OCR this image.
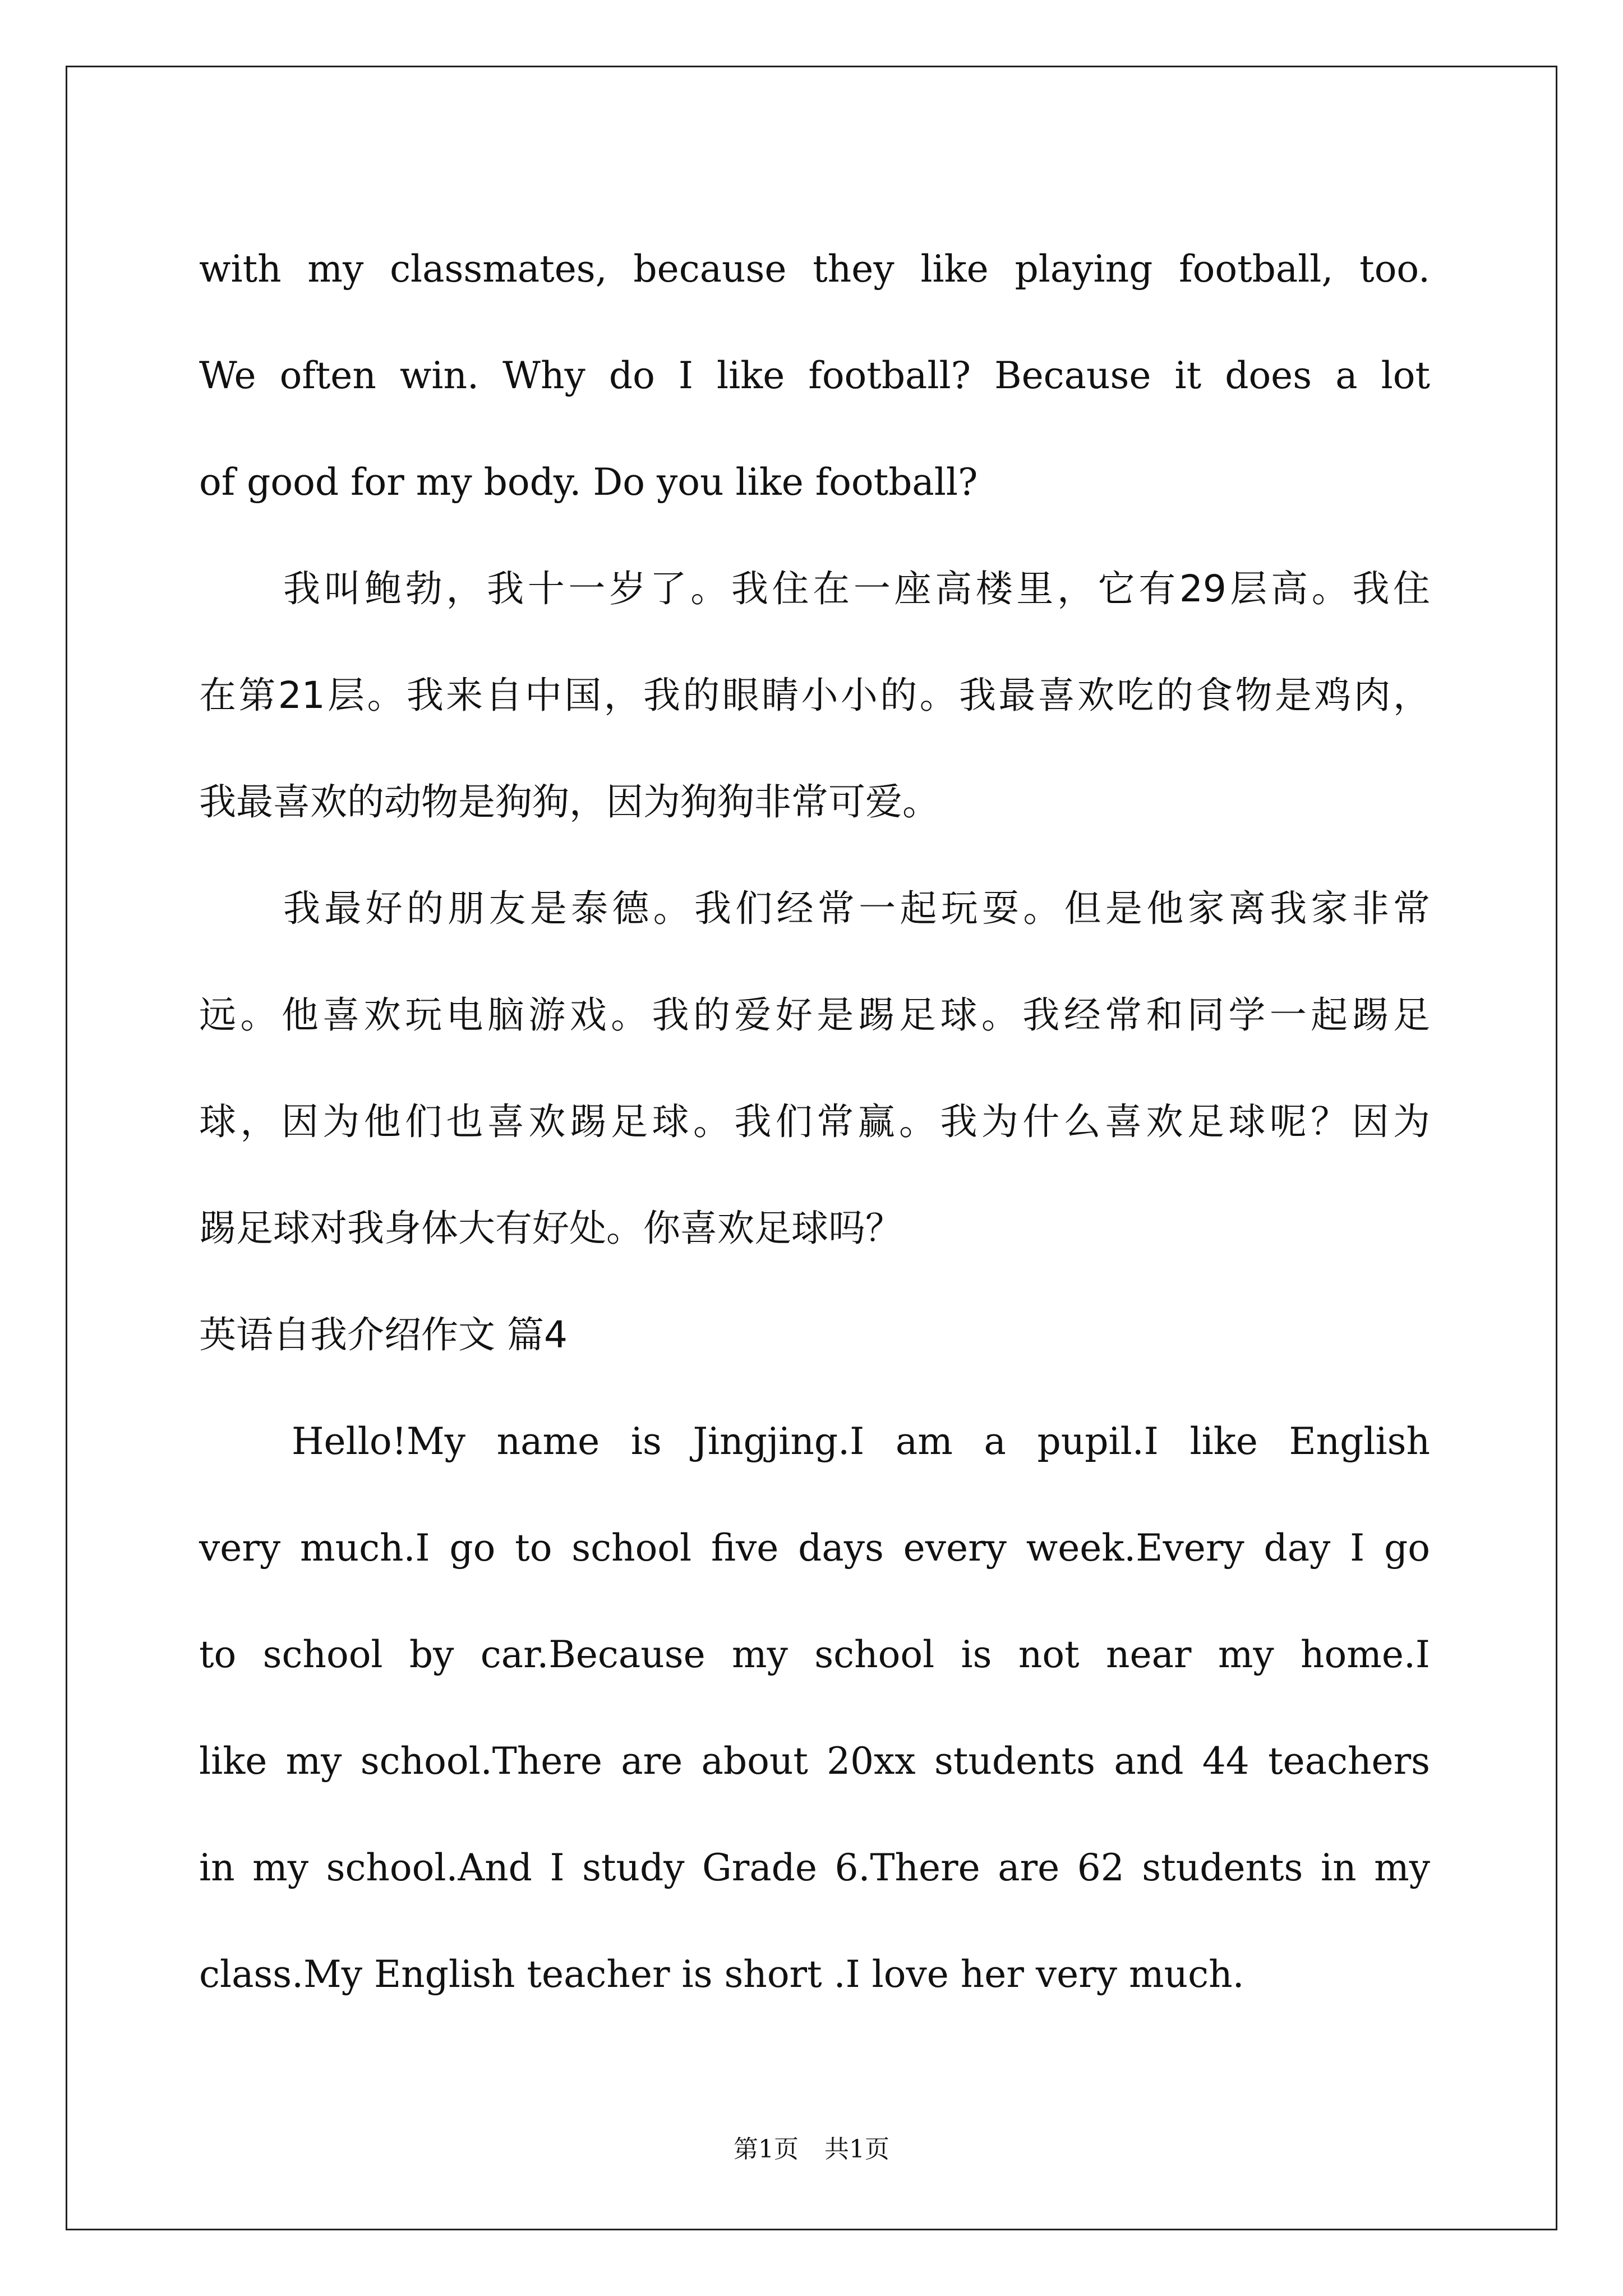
with my classmates, because they like playing football, too.
We often win. Why do I like football? Because it does a lot
of good for my body. Do you like football?
我叫鲍勃，我十一岁了。我住在一座高楼里，它有29层高。我住
在第21层。我来自中国，我的眼睛小小的。我最喜欢吃的食物是鸡肉，
我最喜欢的动物是狗狗，因为狗狗非常可爱。
我最好的朋友是泰德。我们经常一起玩耍。但是他家离我家非常
远。他喜欢玩电脑游戏。我的爱好是踢足球。我经常和同学一起踢足
球，因为他们也喜欢踢足球。我们常赢。我为什么喜欢足球呢？因为
踢足球对我身体大有好处。你喜欢足球吗？
英语自我介绍作文 篇4
Hello!My name is Jingjing.I am a pupil.I like English
very much.I go to school five days every week.Every day I go
to school by car.Because my school is not near my home.I
like my school.There are about 20xx students and 44 teachers
in my school.And I study Grade 6.There are 62 students in my
class.My English teacher is short .I love her very much.
第1页 共1页
